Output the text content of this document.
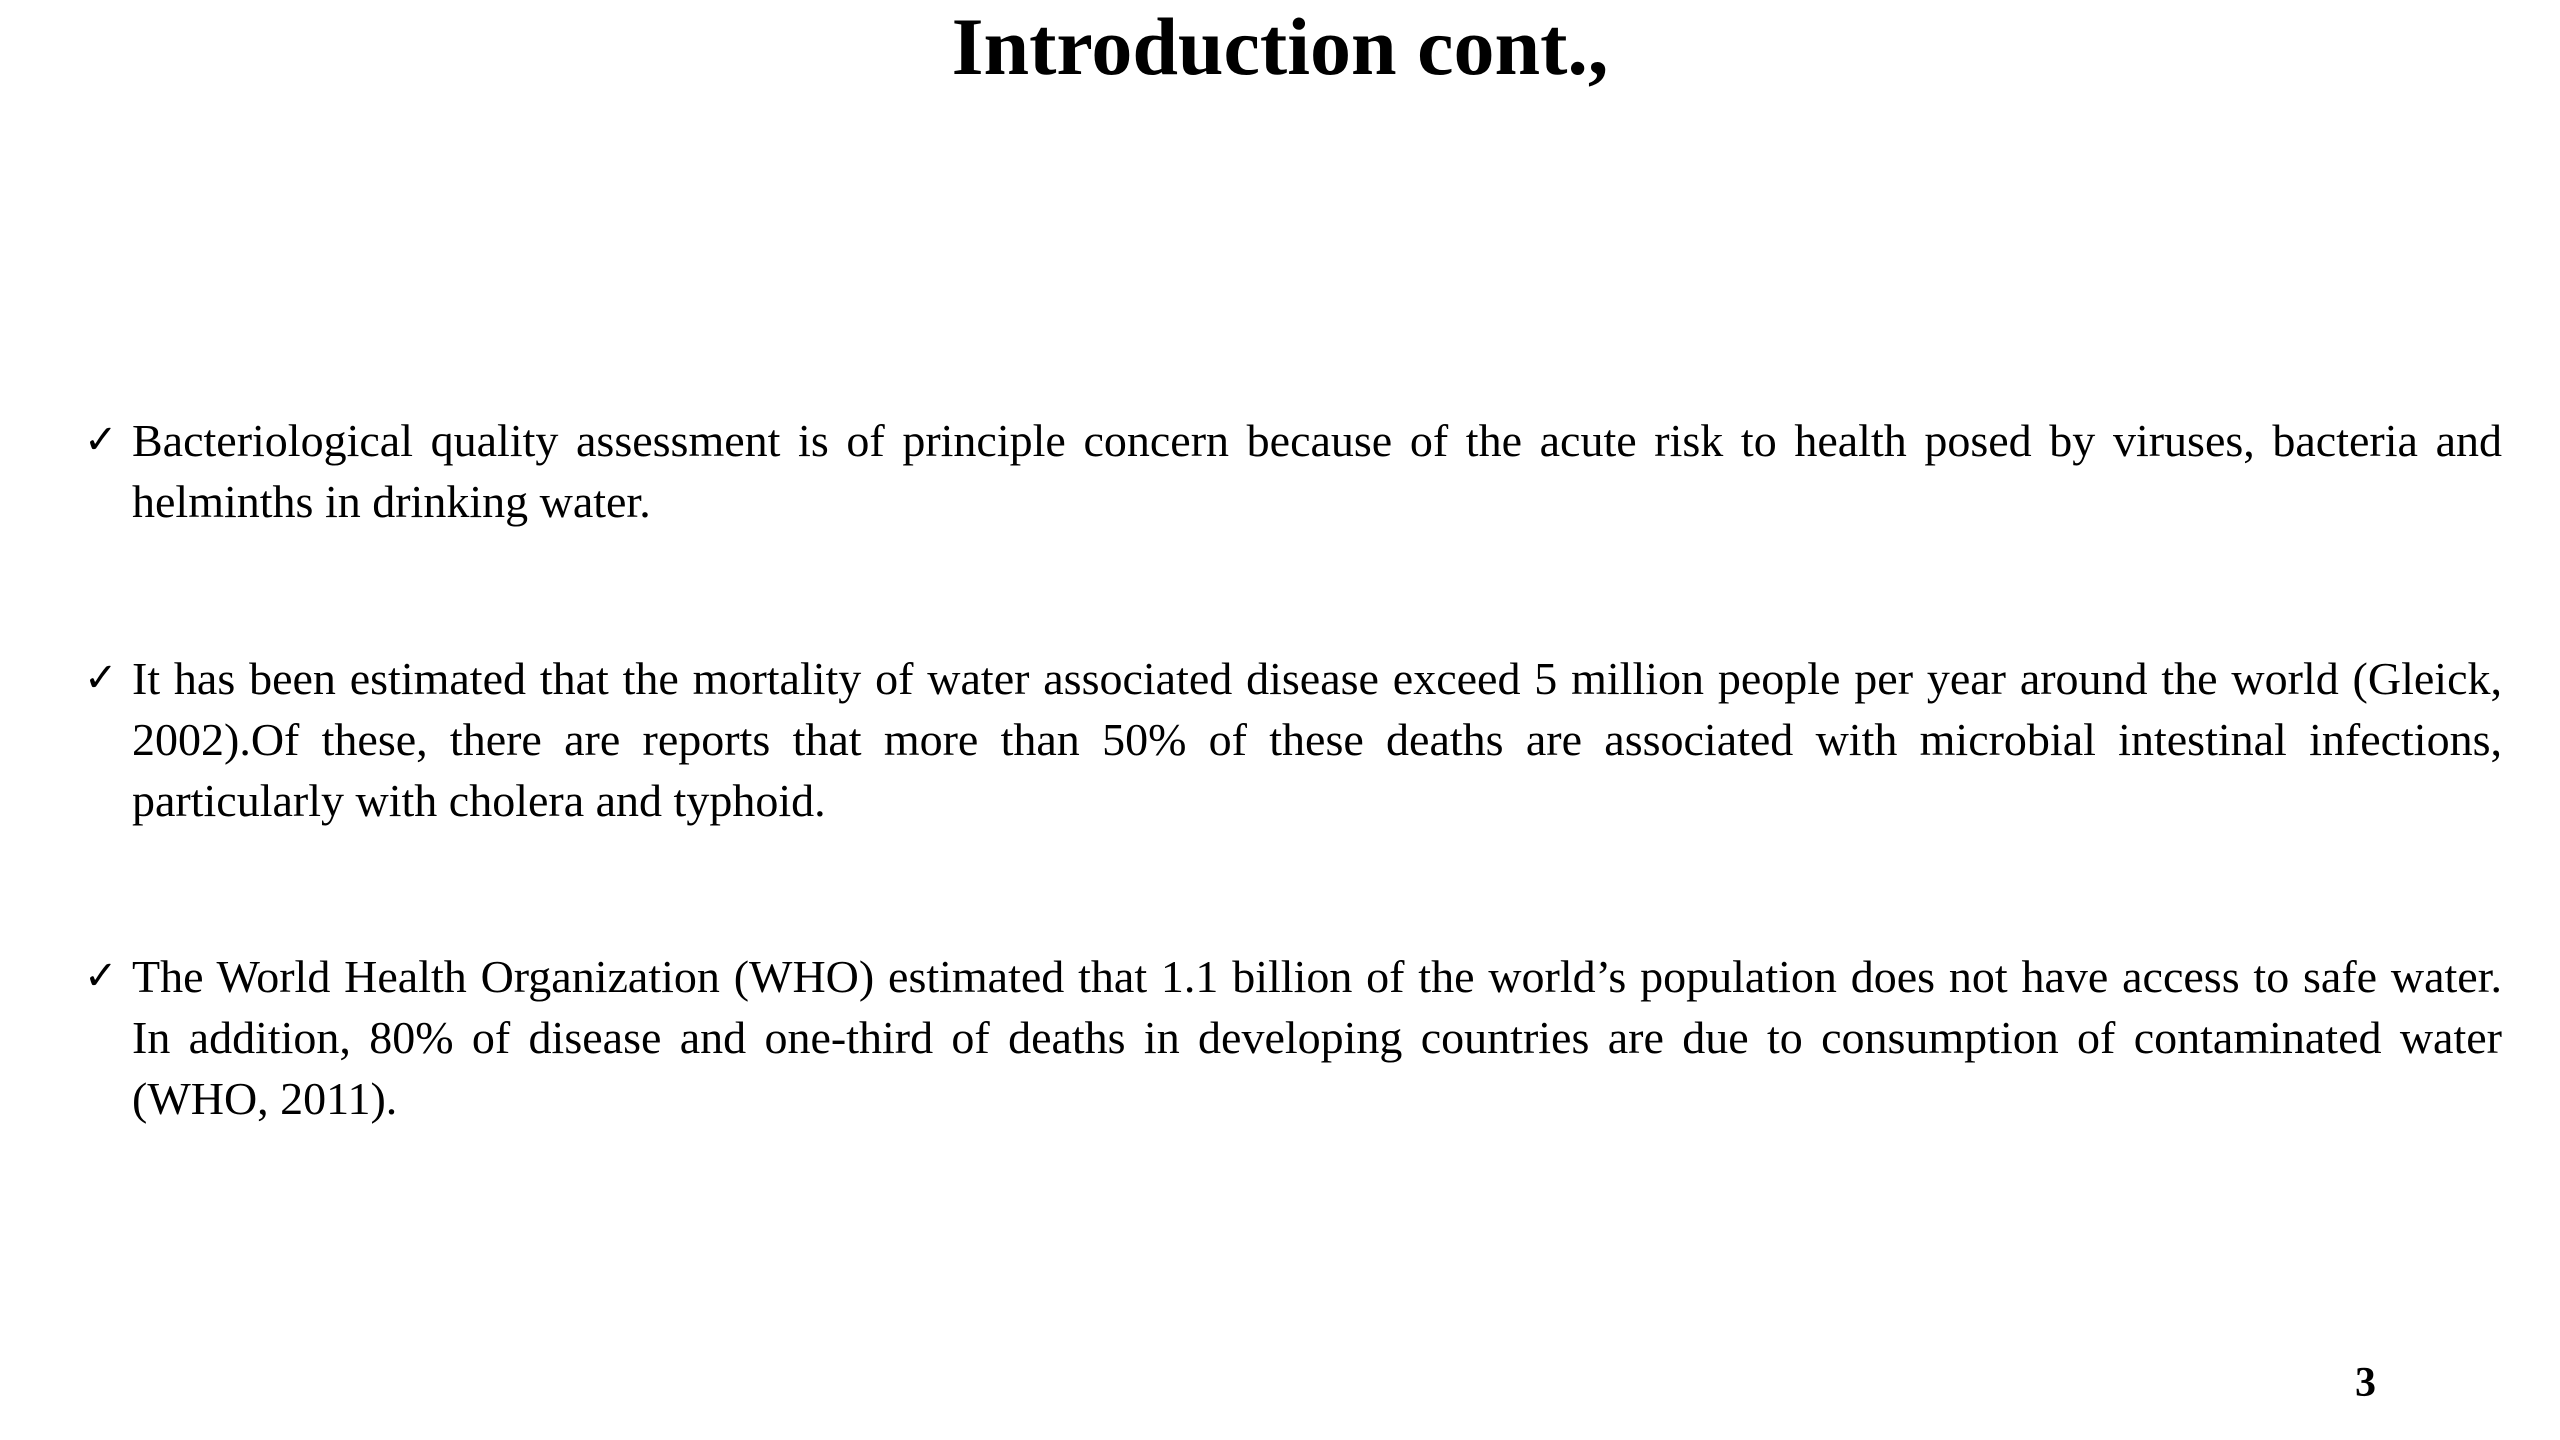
Introduction cont.,
✓ Bacteriological quality assessment is of principle concern because of the acute risk to health posed by viruses, bacteria and helminths in drinking water.
✓ It has been estimated that the mortality of water associated disease exceed 5 million people per year around the world (Gleick, 2002).Of these, there are reports that more than 50% of these deaths are associated with microbial intestinal infections, particularly with cholera and typhoid.
✓ The World Health Organization (WHO) estimated that 1.1 billion of the world’s population does not have access to safe water. In addition, 80% of disease and one-third of deaths in developing countries are due to consumption of contaminated water (WHO, 2011).
3
